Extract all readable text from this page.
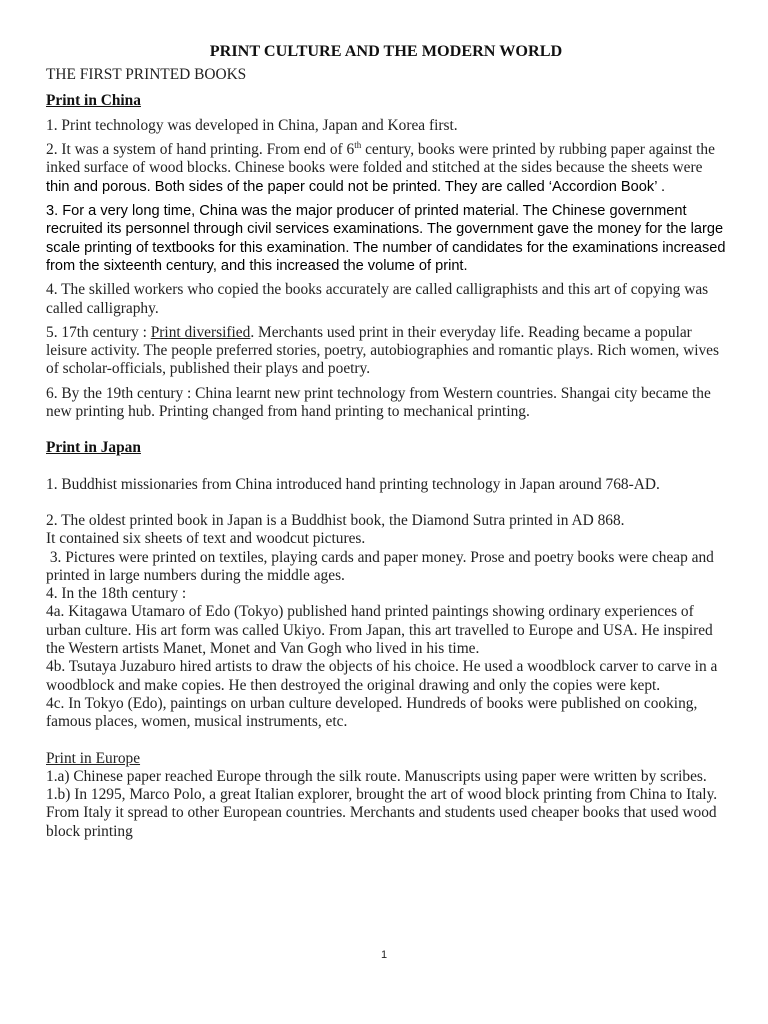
PRINT CULTURE AND THE MODERN WORLD
THE FIRST PRINTED BOOKS
Print in China

1. Print technology was developed in China, Japan and Korea first.

2. It was a system of hand printing. From end of 6th century, books were printed by rubbing paper against the inked surface of wood blocks. Chinese books were folded and stitched at the sides because the sheets were thin and porous. Both sides of the paper could not be printed. They are called ‘Accordion Book’ .

3. For a very long time, China was the major producer of printed material. The Chinese government recruited its personnel through civil services examinations. The government gave the money for the large scale printing of textbooks for this examination. The number of candidates for the examinations increased from the sixteenth century, and this increased the volume of print.

4. The skilled workers who copied the books accurately are called calligraphists and this art of copying was called calligraphy.

5. 17th century : Print diversified. Merchants used print in their everyday life. Reading became a popular leisure activity. The people preferred stories, poetry, autobiographies and romantic plays. Rich women, wives of scholar-officials, published their plays and poetry.

6. By the 19th century : China learnt new print technology from Western countries. Shangai city became the new printing hub. Printing changed from hand printing to mechanical printing.

Print in Japan

1. Buddhist missionaries from China introduced hand printing technology in Japan around 768-AD.

2. The oldest printed book in Japan is a Buddhist book, the Diamond Sutra printed in AD 868.

It contained six sheets of text and woodcut pictures.

3. Pictures were printed on textiles, playing cards and paper money. Prose and poetry books were cheap and printed in large numbers during the middle ages.

4. In the 18th century :

4a. Kitagawa Utamaro of Edo (Tokyo) published hand printed paintings showing ordinary experiences of urban culture. His art form was called Ukiyo. From Japan, this art travelled to Europe and USA. He inspired the Western artists Manet, Monet and Van Gogh who lived in his time.

4b. Tsutaya Juzaburo hired artists to draw the objects of his choice. He used a woodblock carver to carve in a woodblock and make copies. He then destroyed the original drawing and only the copies were kept.

4c. In Tokyo (Edo), paintings on urban culture developed. Hundreds of books were published on cooking, famous places, women, musical instruments, etc.

Print in Europe

1.a) Chinese paper reached Europe through the silk route. Manuscripts using paper were written by scribes.

1.b) In 1295, Marco Polo, a great Italian explorer, brought the art of wood block printing from China to Italy. From Italy it spread to other European countries. Merchants and students used cheaper books that used wood block printing

1
